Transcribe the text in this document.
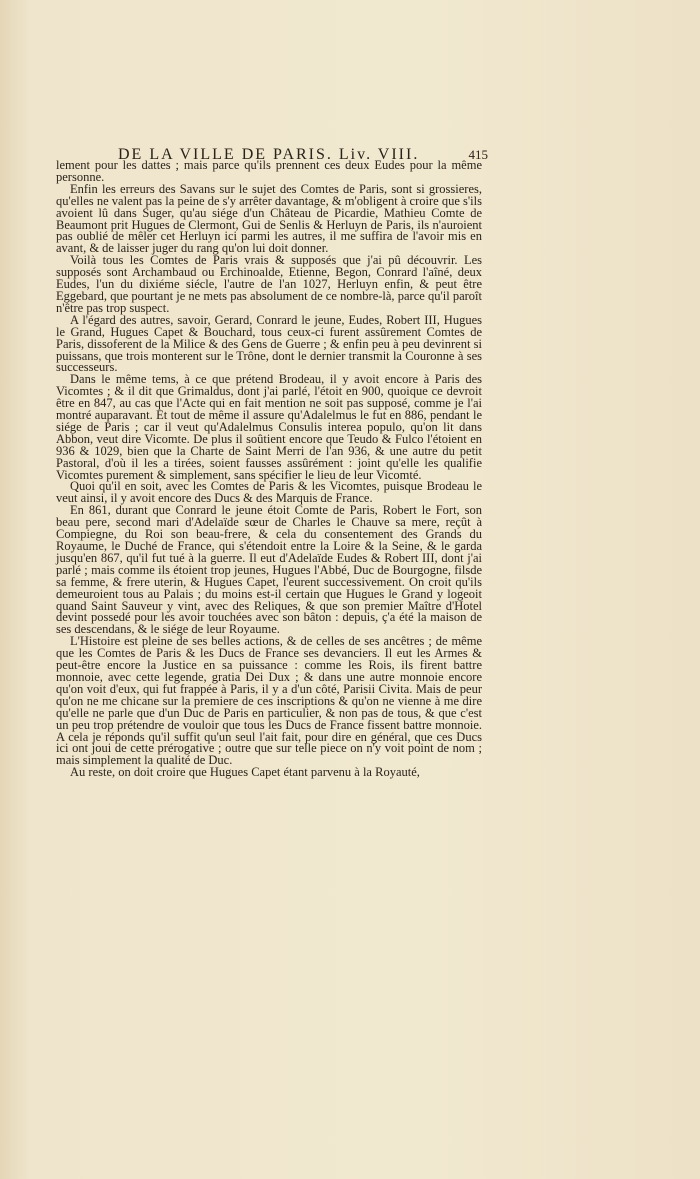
DE LA VILLE DE PARIS. Liv. VIII.	415

lement pour les dattes ; mais parce qu'ils prennent ces deux Eudes pour la même personne.

Enfin les erreurs des Savans sur le sujet des Comtes de Paris, sont si grossieres, qu'elles ne valent pas la peine de s'y arrêter davantage, & m'obligent à croire que s'ils avoient lû dans Suger, qu'au siége d'un Château de Picardie, Mathieu Comte de Beaumont prit Hugues de Clermont, Gui de Senlis & Herluyn de Paris, ils n'auroient pas oublié de mêler cet Herluyn ici parmi les autres, il me suffira de l'avoir mis en avant, & de laisser juger du rang qu'on lui doit donner.

Voilà tous les Comtes de Paris vrais & supposés que j'ai pû découvrir. Les supposés sont Archambaud ou Erchinoalde, Etienne, Begon, Conrard l'aîné, deux Eudes, l'un du dixiéme siécle, l'autre de l'an 1027, Herluyn enfin, & peut être Eggebard, que pourtant je ne mets pas absolument de ce nombre-là, parce qu'il paroît n'être pas trop suspect.

A l'égard des autres, savoir, Gerard, Conrard le jeune, Eudes, Robert III, Hugues le Grand, Hugues Capet & Bouchard, tous ceux-ci furent assûrement Comtes de Paris, dissoferent de la Milice & des Gens de Guerre ; & enfin peu à peu devinrent si puissans, que trois monterent sur le Trône, dont le dernier transmit la Couronne à ses successeurs.

Dans le même tems, à ce que prétend Brodeau, il y avoit encore à Paris des Vicomtes ; & il dit que Grimaldus, dont j'ai parlé, l'étoit en 900, quoique ce devroit être en 847, au cas que l'Acte qui en fait mention ne soit pas supposé, comme je l'ai montré auparavant. Et tout de même il assure qu'Adalelmus le fut en 886, pendant le siége de Paris ; car il veut qu'Adalelmus Consulis interea populo, qu'on lit dans Abbon, veut dire Vicomte. De plus il soûtient encore que Teudo & Fulco l'étoient en 936 & 1029, bien que la Charte de Saint Merri de l'an 936, & une autre du petit Pastoral, d'où il les a tirées, soient fausses assûrément : joint qu'elle les qualifie Vicomtes purement & simplement, sans spécifier le lieu de leur Vicomté.

Quoi qu'il en soit, avec les Comtes de Paris & les Vicomtes, puisque Brodeau le veut ainsi, il y avoit encore des Ducs & des Marquis de France.

En 861, durant que Conrard le jeune étoit Comte de Paris, Robert le Fort, son beau pere, second mari d'Adelaïde sœur de Charles le Chauve sa mere, reçût à Compiegne, du Roi son beau-frere, & cela du consentement des Grands du Royaume, le Duché de France, qui s'étendoit entre la Loire & la Seine, & le garda jusqu'en 867, qu'il fut tué à la guerre. Il eut d'Adelaïde Eudes & Robert III, dont j'ai parlé ; mais comme ils étoient trop jeunes, Hugues l'Abbé, Duc de Bourgogne, filsde sa femme, & frere uterin, & Hugues Capet, l'eurent successivement. On croit qu'ils demeuroient tous au Palais ; du moins est-il certain que Hugues le Grand y logeoit quand Saint Sauveur y vint, avec des Reliques, & que son premier Maître d'Hotel devint possedé pour les avoir touchées avec son bâton : depuis, ç'a été la maison de ses descendans, & le siége de leur Royaume.

L'Histoire est pleine de ses belles actions, & de celles de ses ancêtres ; de même que les Comtes de Paris & les Ducs de France ses devanciers. Il eut les Armes & peut-être encore la Justice en sa puissance : comme les Rois, ils firent battre monnoie, avec cette legende, gratia Dei Dux ; & dans une autre monnoie encore qu'on voit d'eux, qui fut frappée à Paris, il y a d'un côté, Parisii Civita. Mais de peur qu'on ne me chicane sur la premiere de ces inscriptions & qu'on ne vienne à me dire qu'elle ne parle que d'un Duc de Paris en particulier, & non pas de tous, & que c'est un peu trop prétendre de vouloir que tous les Ducs de France fissent battre monnoie. A cela je réponds qu'il suffit qu'un seul l'ait fait, pour dire en général, que ces Ducs ici ont joui de cette prérogative ; outre que sur telle piece on n'y voit point de nom ; mais simplement la qualité de Duc.

Au reste, on doit croire que Hugues Capet étant parvenu à la Royauté,
